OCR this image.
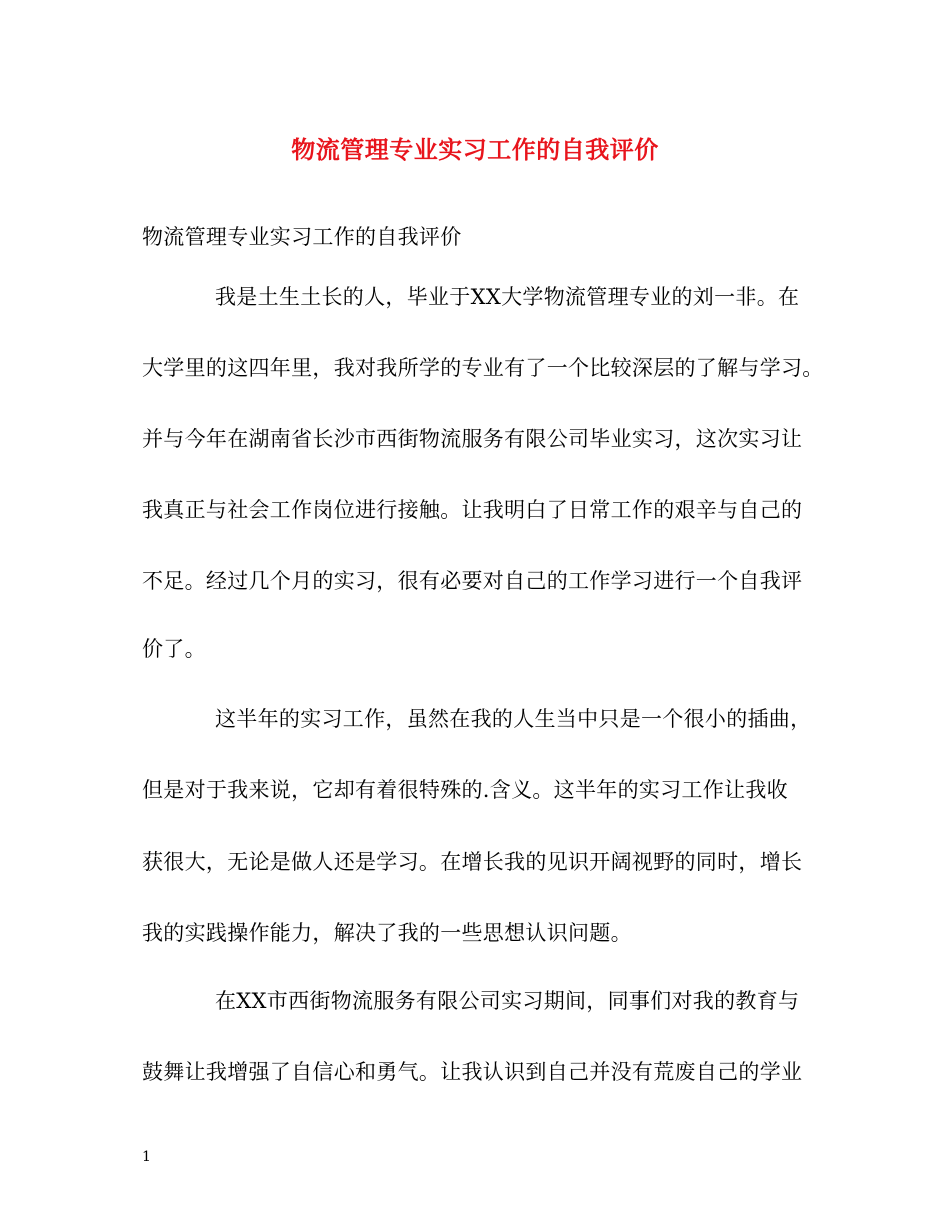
物流管理专业实习工作的自我评价
物流管理专业实习工作的自我评价
我是土生土长的人，毕业于XX大学物流管理专业的刘一非。在
大学里的这四年里，我对我所学的专业有了一个比较深层的了解与学习。
并与今年在湖南省长沙市西街物流服务有限公司毕业实习，这次实习让
我真正与社会工作岗位进行接触。让我明白了日常工作的艰辛与自己的
不足。经过几个月的实习，很有必要对自己的工作学习进行一个自我评
价了。
这半年的实习工作，虽然在我的人生当中只是一个很小的插曲，
但是对于我来说，它却有着很特殊的.含义。这半年的实习工作让我收
获很大，无论是做人还是学习。在增长我的见识开阔视野的同时，增长
我的实践操作能力，解决了我的一些思想认识问题。
在XX市西街物流服务有限公司实习期间，同事们对我的教育与
鼓舞让我增强了自信心和勇气。让我认识到自己并没有荒废自己的学业
1
